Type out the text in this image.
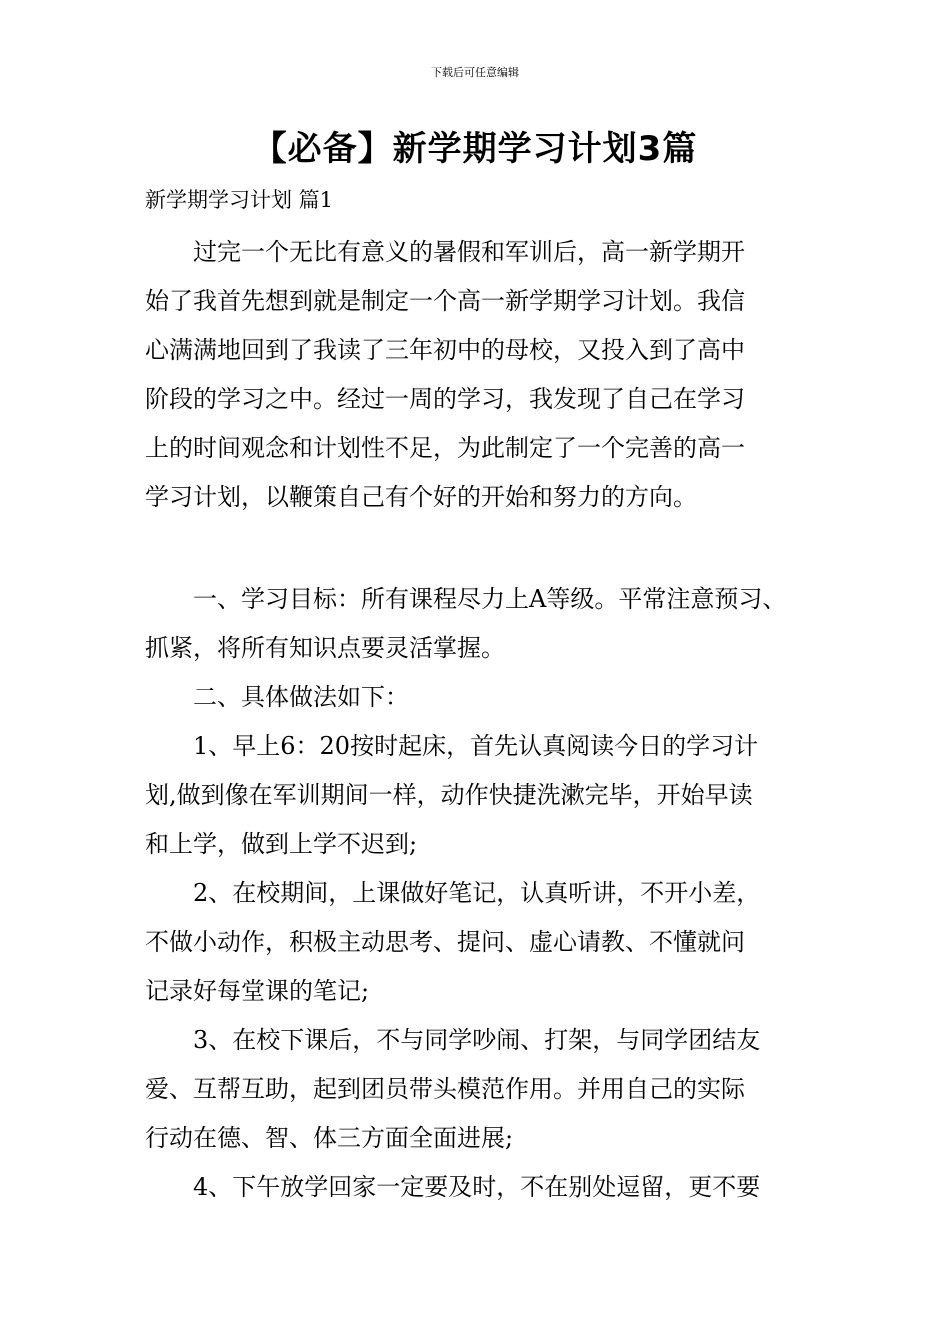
下载后可任意编辑
【必备】新学期学习计划3篇
新学期学习计划 篇1

过完一个无比有意义的暑假和军训后，高一新学期开
始了我首先想到就是制定一个高一新学期学习计划。我信
心满满地回到了我读了三年初中的母校，又投入到了高中
阶段的学习之中。经过一周的学习，我发现了自己在学习
上的时间观念和计划性不足，为此制定了一个完善的高一
学习计划，以鞭策自己有个好的开始和努力的方向。

一、学习目标：所有课程尽力上A等级。平常注意预习、
抓紧，将所有知识点要灵活掌握。

二、具体做法如下：

1、早上6：20按时起床，首先认真阅读今日的学习计
划,做到像在军训期间一样，动作快捷洗漱完毕，开始早读
和上学，做到上学不迟到;

2、在校期间，上课做好笔记，认真听讲，不开小差，
不做小动作，积极主动思考、提问、虚心请教、不懂就问
记录好每堂课的笔记;

3、在校下课后，不与同学吵闹、打架，与同学团结友
爱、互帮互助，起到团员带头模范作用。并用自己的实际
行动在德、智、体三方面全面进展;

4、下午放学回家一定要及时，不在别处逗留，更不要
